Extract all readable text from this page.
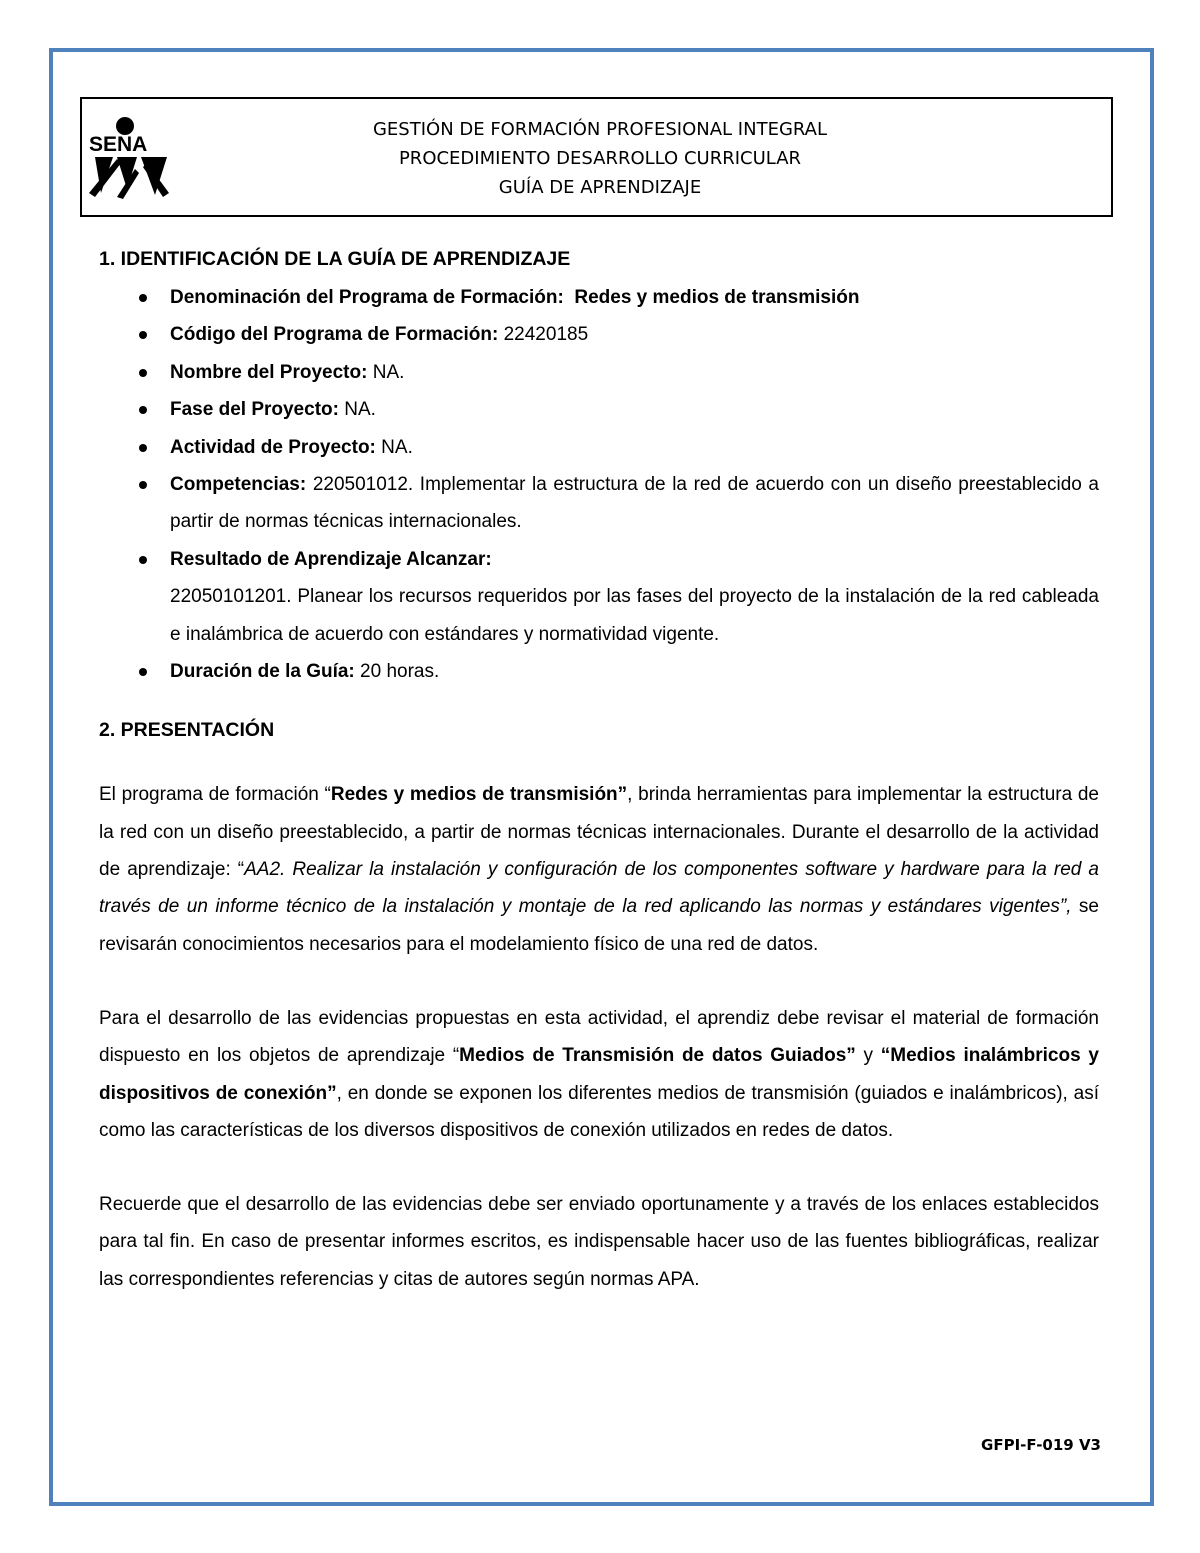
SENA
GESTIÓN DE FORMACIÓN PROFESIONAL INTEGRAL
PROCEDIMIENTO DESARROLLO CURRICULAR
GUÍA DE APRENDIZAJE
1. IDENTIFICACIÓN DE LA GUÍA DE APRENDIZAJE
Denominación del Programa de Formación: Redes y medios de transmisión
Código del Programa de Formación: 22420185
Nombre del Proyecto: NA.
Fase del Proyecto: NA.
Actividad de Proyecto: NA.
Competencias: 220501012. Implementar la estructura de la red de acuerdo con un diseño preestablecido a partir de normas técnicas internacionales.
Resultado de Aprendizaje Alcanzar:
22050101201. Planear los recursos requeridos por las fases del proyecto de la instalación de la red cableada e inalámbrica de acuerdo con estándares y normatividad vigente.
Duración de la Guía: 20 horas.
2. PRESENTACIÓN

El programa de formación “Redes y medios de transmisión”, brinda herramientas para implementar la estructura de la red con un diseño preestablecido, a partir de normas técnicas internacionales. Durante el desarrollo de la actividad de aprendizaje: “AA2. Realizar la instalación y configuración de los componentes software y hardware para la red a través de un informe técnico de la instalación y montaje de la red aplicando las normas y estándares vigentes”, se revisarán conocimientos necesarios para el modelamiento físico de una red de datos.

Para el desarrollo de las evidencias propuestas en esta actividad, el aprendiz debe revisar el material de formación dispuesto en los objetos de aprendizaje “Medios de Transmisión de datos Guiados” y “Medios inalámbricos y dispositivos de conexión”, en donde se exponen los diferentes medios de transmisión (guiados e inalámbricos), así como las características de los diversos dispositivos de conexión utilizados en redes de datos.

Recuerde que el desarrollo de las evidencias debe ser enviado oportunamente y a través de los enlaces establecidos para tal fin. En caso de presentar informes escritos, es indispensable hacer uso de las fuentes bibliográficas, realizar las correspondientes referencias y citas de autores según normas APA.

GFPI-F-019 V3
